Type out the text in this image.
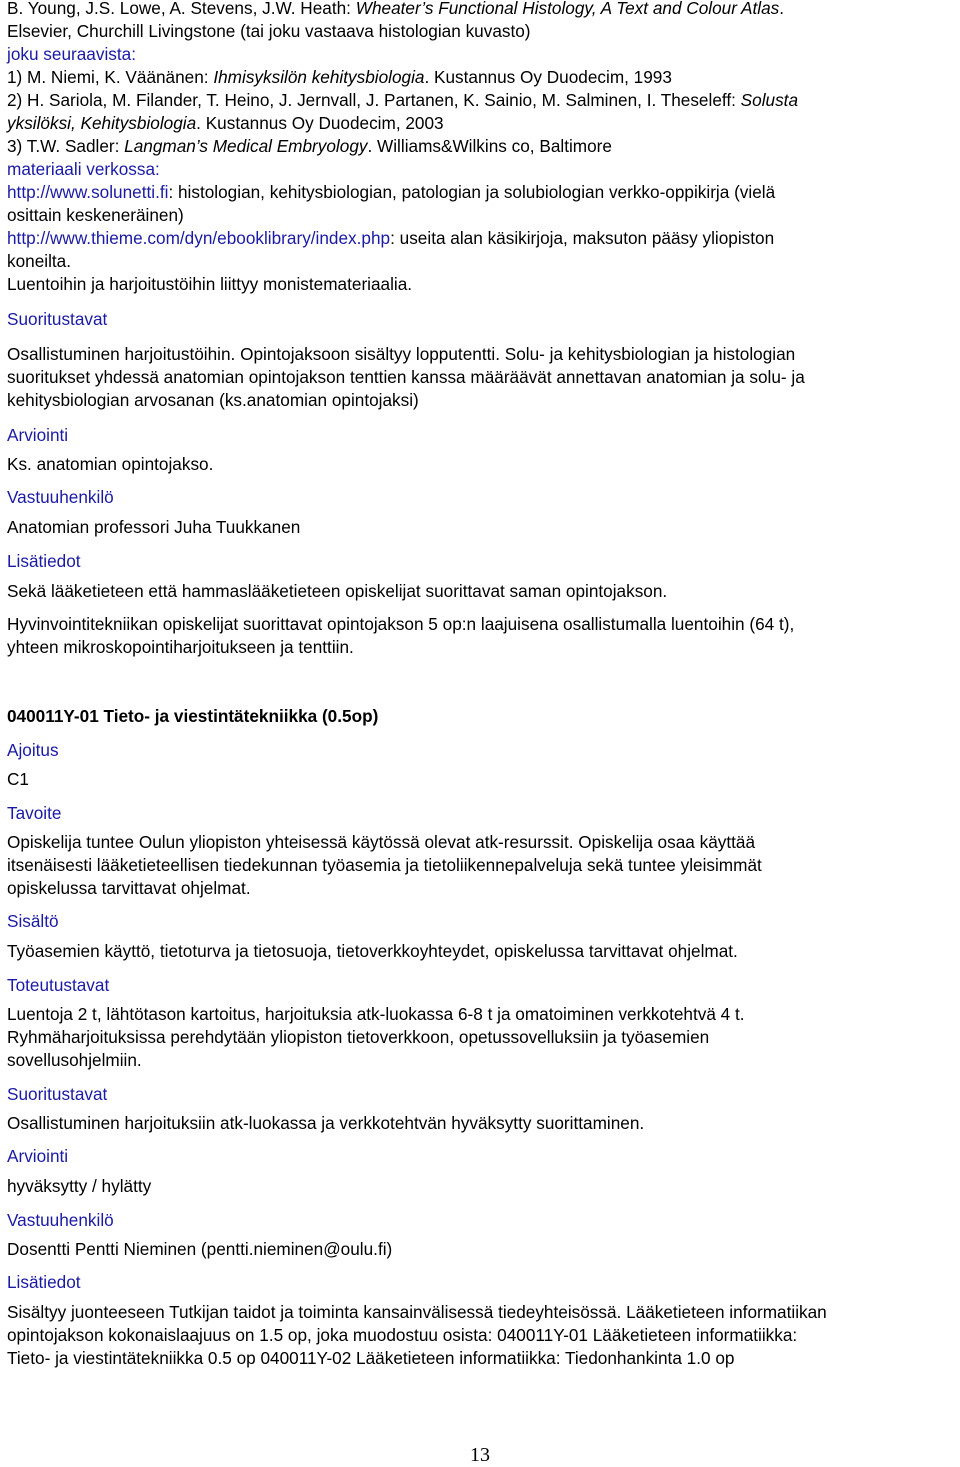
B. Young, J.S. Lowe, A. Stevens, J.W. Heath: Wheater’s Functional Histology, A Text and Colour Atlas.
Elsevier, Churchill Livingstone (tai joku vastaava histologian kuvasto)
joku seuraavista:
1) M. Niemi, K. Väänänen: Ihmisyksilön kehitysbiologia. Kustannus Oy Duodecim, 1993
2) H. Sariola, M. Filander, T. Heino, J. Jernvall, J. Partanen, K. Sainio, M. Salminen, I. Theseleff: Solusta
yksilöksi, Kehitysbiologia. Kustannus Oy Duodecim, 2003
3) T.W. Sadler: Langman’s Medical Embryology. Williams&Wilkins co, Baltimore
materiaali verkossa:
http://www.solunetti.fi: histologian, kehitysbiologian, patologian ja solubiologian verkko-oppikirja (vielä
osittain keskeneräinen)
http://www.thieme.com/dyn/ebooklibrary/index.php: useita alan käsikirjoja, maksuton pääsy yliopiston
koneilta.
Luentoihin ja harjoitustöihin liittyy monistemateriaalia.
Suoritustavat
Osallistuminen harjoitustöihin. Opintojaksoon sisältyy lopputentti. Solu- ja kehitysbiologian ja histologian
suoritukset yhdessä anatomian opintojakson tenttien kanssa määräävät annettavan anatomian ja solu- ja
kehitysbiologian arvosanan (ks.anatomian opintojaksi)
Arviointi
Ks. anatomian opintojakso.
Vastuuhenkilö
Anatomian professori Juha Tuukkanen
Lisätiedot
Sekä lääketieteen että hammaslääketieteen opiskelijat suorittavat saman opintojakson.
Hyvinvointitekniikan opiskelijat suorittavat opintojakson 5 op:n laajuisena osallistumalla luentoihin (64 t),
yhteen mikroskopointiharjoitukseen ja tenttiin.
040011Y-01 Tieto- ja viestintätekniikka (0.5op)
Ajoitus
C1
Tavoite
Opiskelija tuntee Oulun yliopiston yhteisessä käytössä olevat atk-resurssit. Opiskelija osaa käyttää
itsenäisesti lääketieteellisen tiedekunnan työasemia ja tietoliikennepalveluja sekä tuntee yleisimmät
opiskelussa tarvittavat ohjelmat.
Sisältö
Työasemien käyttö, tietoturva ja tietosuoja, tietoverkkoyhteydet, opiskelussa tarvittavat ohjelmat.
Toteutustavat
Luentoja 2 t, lähtötason kartoitus, harjoituksia atk-luokassa 6-8 t ja omatoiminen verkkotehtvä 4 t.
Ryhmäharjoituksissa perehdytään yliopiston tietoverkkoon, opetussovelluksiin ja työasemien
sovellusohjelmiin.
Suoritustavat
Osallistuminen harjoituksiin atk-luokassa ja verkkotehtvän hyväksytty suorittaminen.
Arviointi
hyväksytty / hylätty
Vastuuhenkilö
Dosentti Pentti Nieminen (pentti.nieminen@oulu.fi)
Lisätiedot
Sisältyy juonteeseen Tutkijan taidot ja toiminta kansainvälisessä tiedeyhteisössä. Lääketieteen informatiikan
opintojakson kokonaislaajuus on 1.5 op, joka muodostuu osista: 040011Y-01 Lääketieteen informatiikka:
Tieto- ja viestintätekniikka 0.5 op 040011Y-02 Lääketieteen informatiikka: Tiedonhankinta 1.0 op
13
